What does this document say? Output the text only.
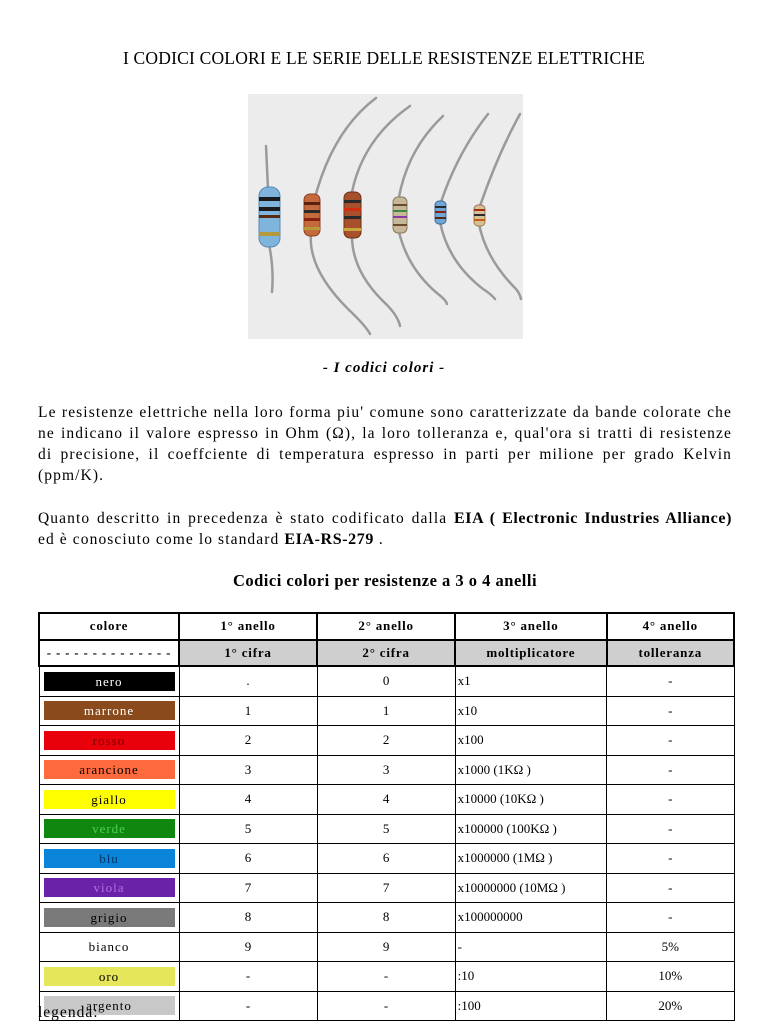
I CODICI COLORI E LE SERIE DELLE RESISTENZE ELETTRICHE
- I codici colori -
Le resistenze elettriche nella loro forma piu' comune sono caratterizzate da bande colorate che ne indicano il valore espresso in Ohm (Ω), la loro tolleranza e, qual'ora si tratti di resistenze di precisione, il coeffciente di temperatura espresso in parti per milione per grado Kelvin (ppm/K).
Quanto descritto in precedenza è stato codificato dalla EIA ( Electronic Industries Alliance) ed è conosciuto come lo standard EIA-RS-279 .
Codici colori per resistenze a 3 o 4 anelli
colore	1° anello	2° anello	3° anello	4° anello
- - - - - - - - - - - - - -	1° cifra	2° cifra	moltiplicatore	tolleranza

nero	.	0	x1	-

marrone	1	1	x10	-

rosso	2	2	x100	-

arancione	3	3	x1000 (1KΩ )	-

giallo	4	4	x10000 (10KΩ )	-

verde	5	5	x100000 (100KΩ )	-

blu	6	6	x1000000 (1MΩ )	-

viola	7	7	x10000000 (10MΩ )	-

grigio	8	8	x100000000	-

bianco	9	9	-	5%

oro	-	-	:10	10%

argento	-	-	:100	20%
legenda:
